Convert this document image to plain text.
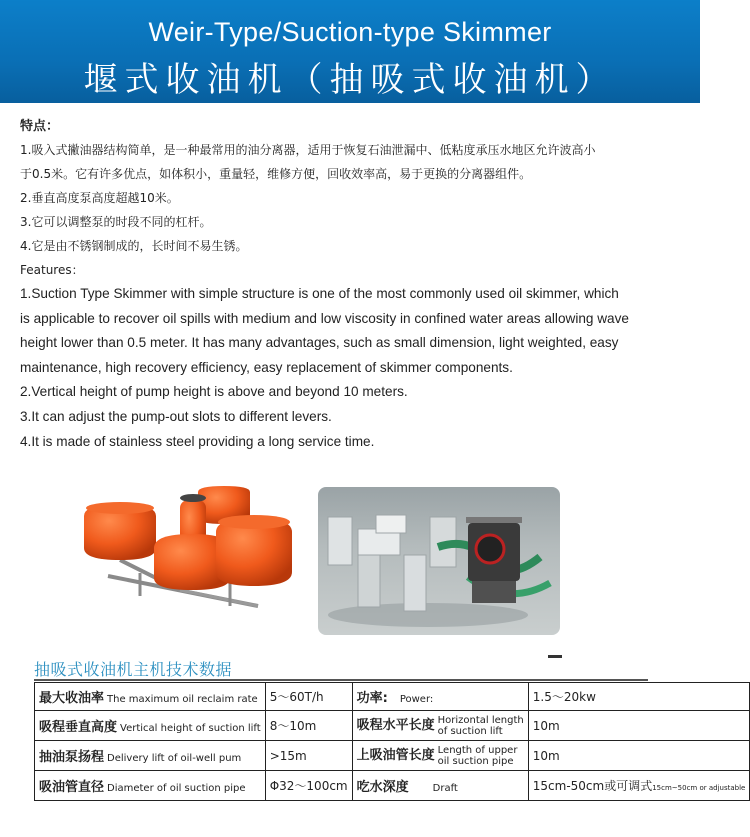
Weir-Type/Suction-type Skimmer
堰式收油机（抽吸式收油机）
特点：
1.吸入式撇油器结构简单，是一种最常用的油分离器，适用于恢复石油泄漏中、低粘度承压水地区允许波高小
于0.5米。它有许多优点，如体积小，重量轻，维修方便，回收效率高，易于更换的分离器组件。
2.垂直高度泵高度超越10米。
3.它可以调整泵的时段不同的杠杆。
4.它是由不锈钢制成的，长时间不易生锈。
Features：
1.Suction Type Skimmer with simple structure is one of the most commonly used oil skimmer, which
is applicable to recover oil spills with medium and low viscosity in confined water areas allowing wave
height lower than 0.5 meter. It has many advantages, such as small dimension, light weighted, easy
maintenance, high recovery efficiency, easy replacement of skimmer components.
2.Vertical height of pump height is above and beyond 10 meters.
3.It can adjust the pump-out slots to different levers.
4.It is made of stainless steel providing a long service time.
抽吸式收油机主机技术数据
最大收油率 The maximum oil reclaim rate	5～60T/h	功率: Power:	1.5～20kw
吸程垂直高度 Vertical height of suction lift	8～10m	吸程水平长度 Horizontal length
of suction lift	10m
抽油泵扬程 Delivery lift of oil-well pum	>15m	上吸油管长度 Length of upper
oil suction pipe	10m
吸油管直径 Diameter of oil suction pipe	Φ32～100cm	吃水深度 Draft	15cm-50cm或可调式15cm~50cm or adjustable
